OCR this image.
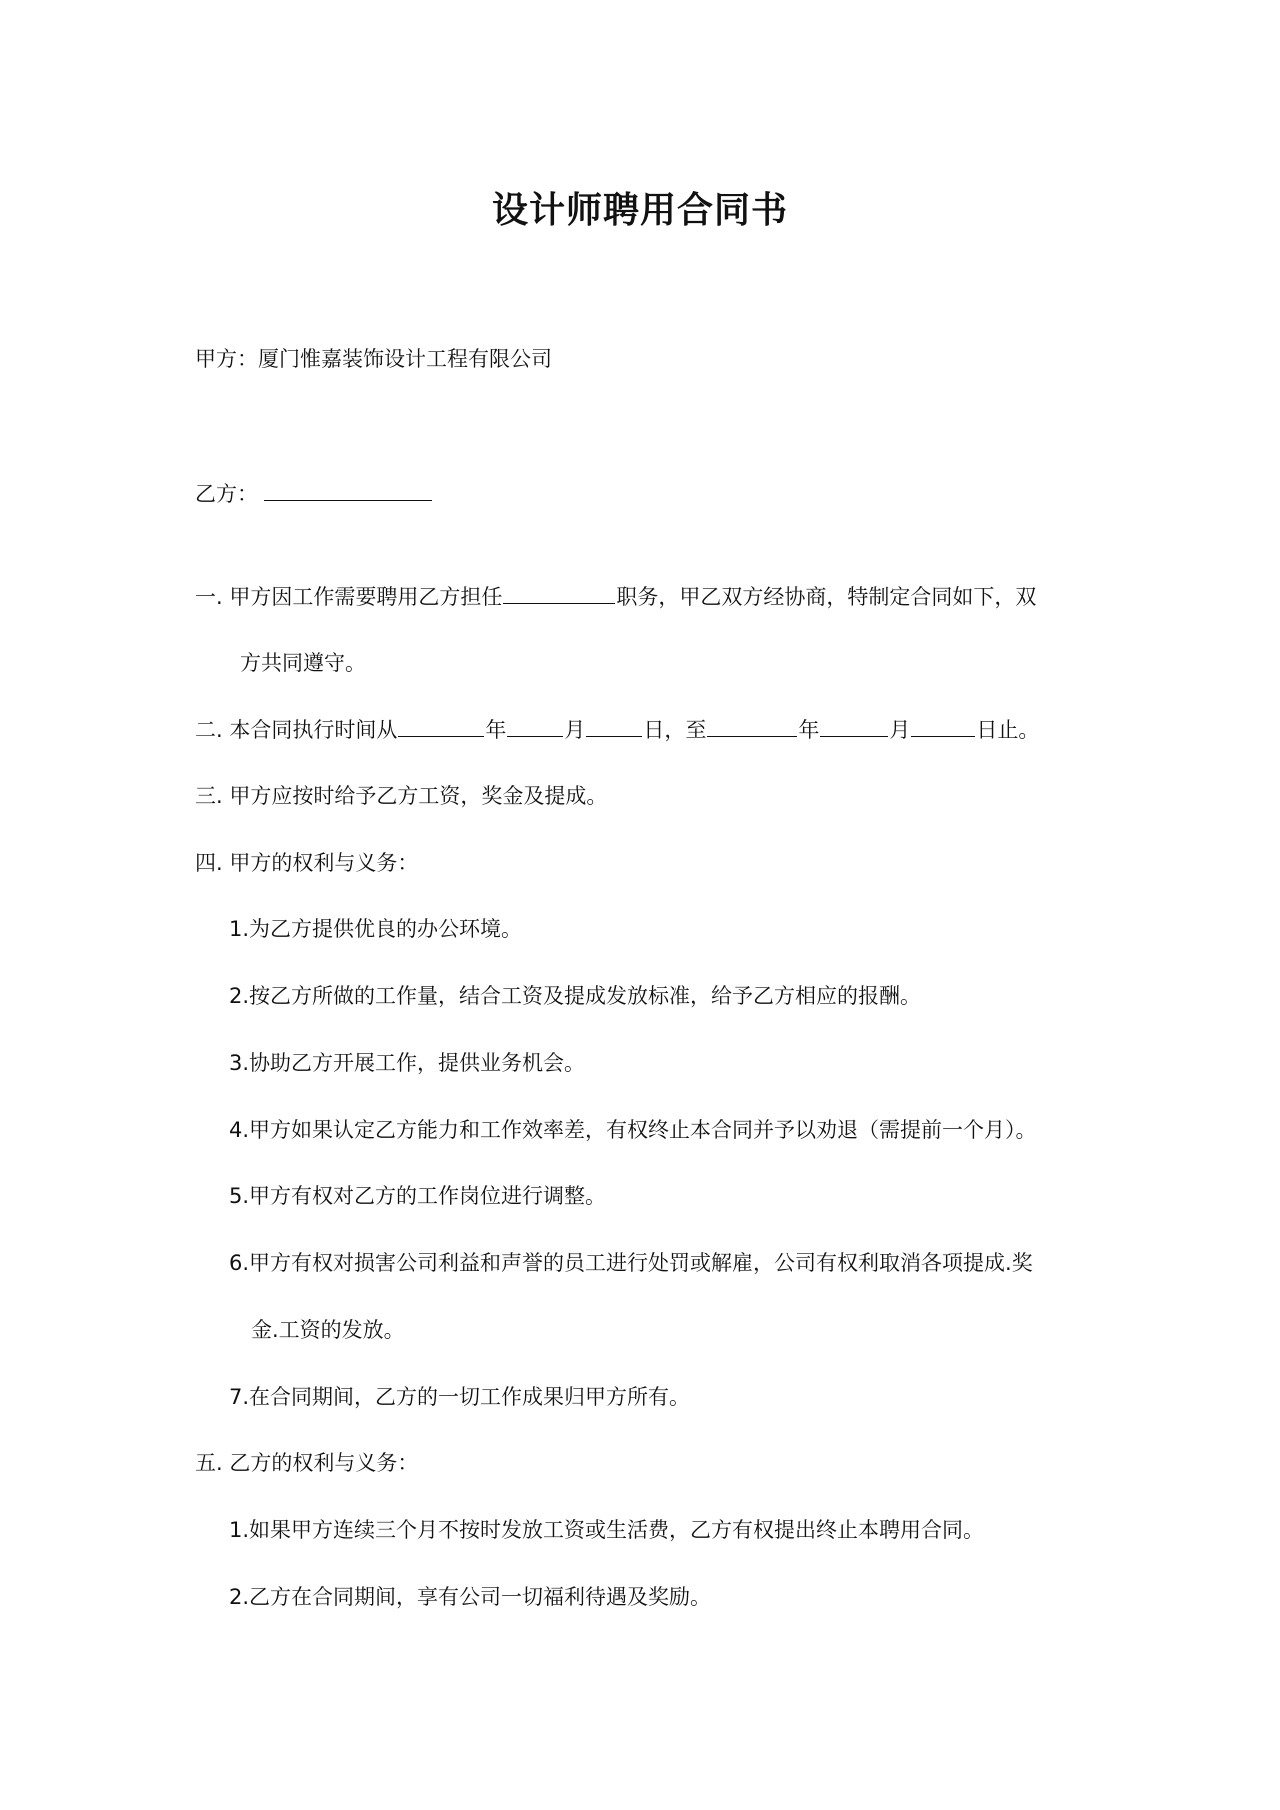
设计师聘用合同书
甲方：厦门惟嘉装饰设计工程有限公司
乙方：
一. 甲方因工作需要聘用乙方担任	职务，甲乙双方经协商，特制定合同如下，双
方共同遵守。
二. 本合同执行时间从	年	月	日，至	年	月	日止。
三. 甲方应按时给予乙方工资，奖金及提成。
四. 甲方的权利与义务：
1.为乙方提供优良的办公环境。
2.按乙方所做的工作量，结合工资及提成发放标准，给予乙方相应的报酬。
3.协助乙方开展工作，提供业务机会。
4.甲方如果认定乙方能力和工作效率差，有权终止本合同并予以劝退（需提前一个月）。
5.甲方有权对乙方的工作岗位进行调整。
6.甲方有权对损害公司利益和声誉的员工进行处罚或解雇，公司有权利取消各项提成.奖
金.工资的发放。
7.在合同期间，乙方的一切工作成果归甲方所有。
五. 乙方的权利与义务：
1.如果甲方连续三个月不按时发放工资或生活费，乙方有权提出终止本聘用合同。
2.乙方在合同期间，享有公司一切福利待遇及奖励。
